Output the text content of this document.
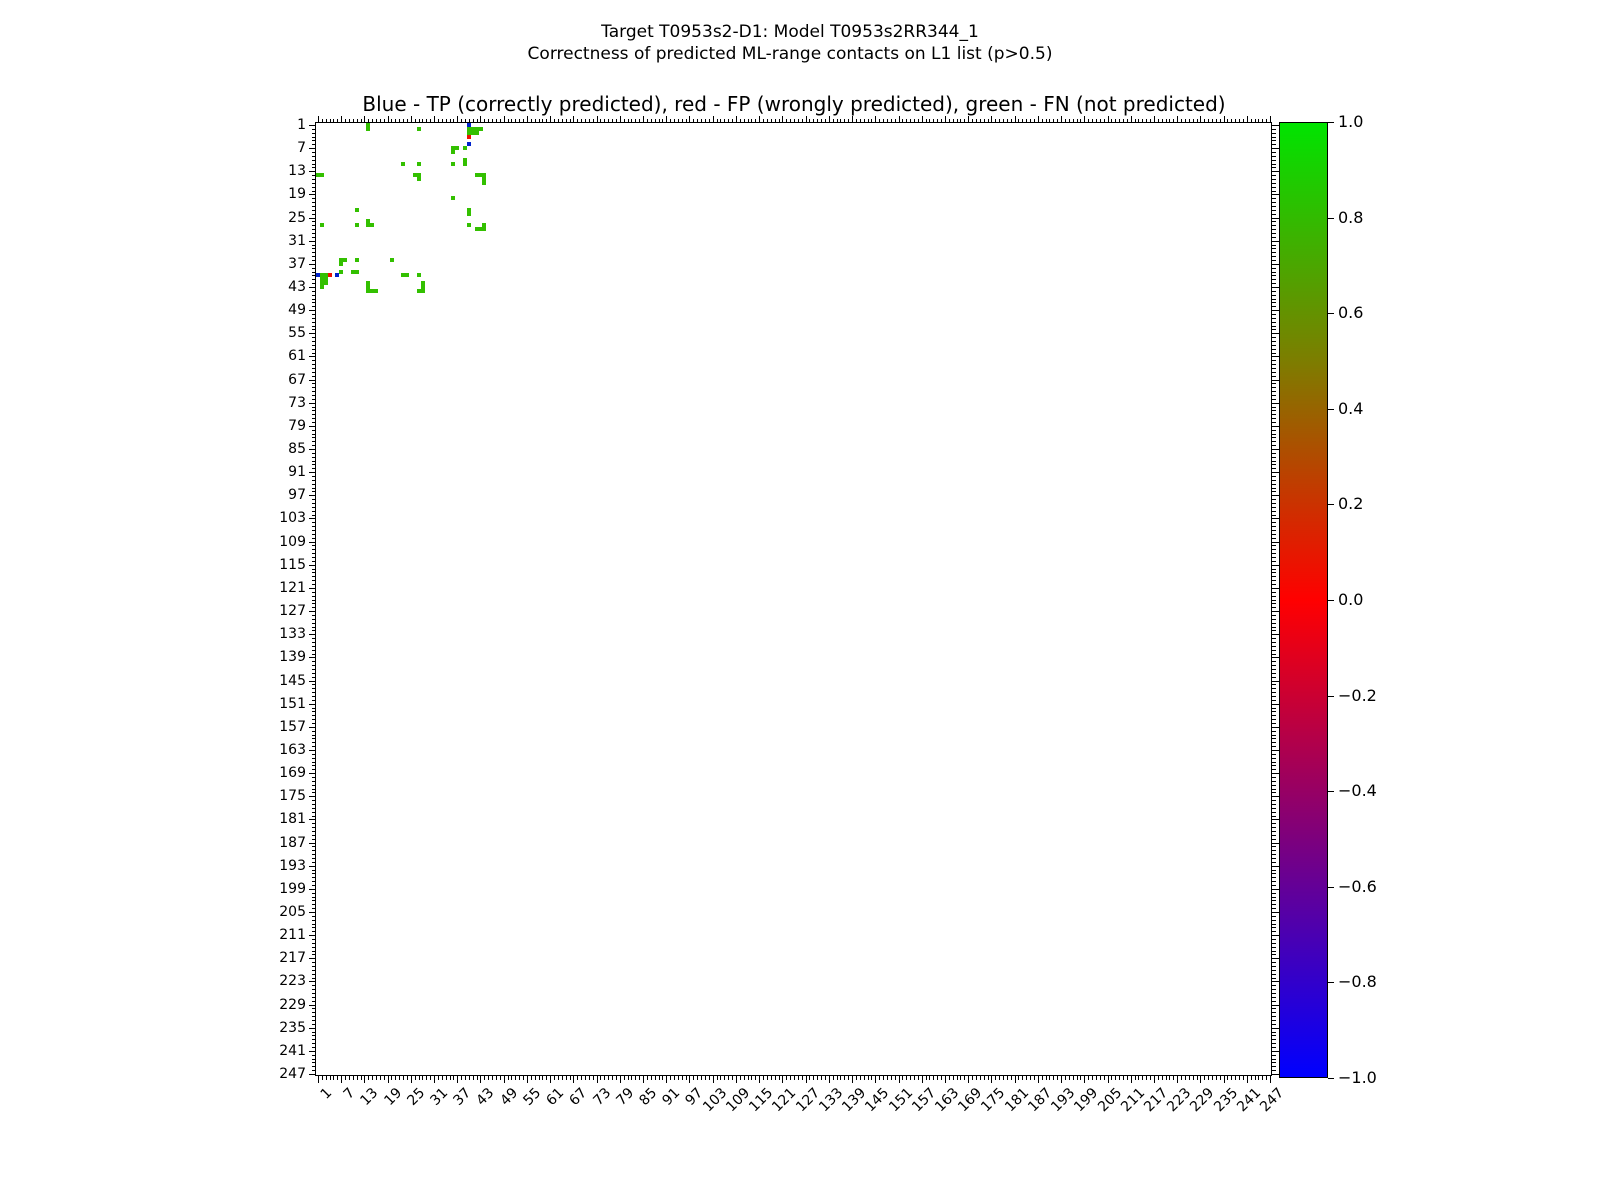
Target T0953s2-D1: Model T0953s2RR344_1
Correctness of predicted ML-range contacts on L1 list (p>0.5)
Blue - TP (correctly predicted), red - FP (wrongly predicted), green - FN (not predicted)
1
7
13
19
25
31
37
43
49
55
61
67
73
79
85
91
97
103
109
115
121
127
133
139
145
151
157
163
169
175
181
187
193
199
205
211
217
223
229
235
241
247
1 7 13 19 25 31 37 43 49 55 61 67 73 79 85 91 97
103
109
115
121
127
133
139
145
151
157
163
169
175
181
187
193
199
205
211
217
223
229
235
241
247
1.0
0.8
0.6
0.4
0.2
0.0
−0.2
−0.4
−0.6
−0.8
−1.0
